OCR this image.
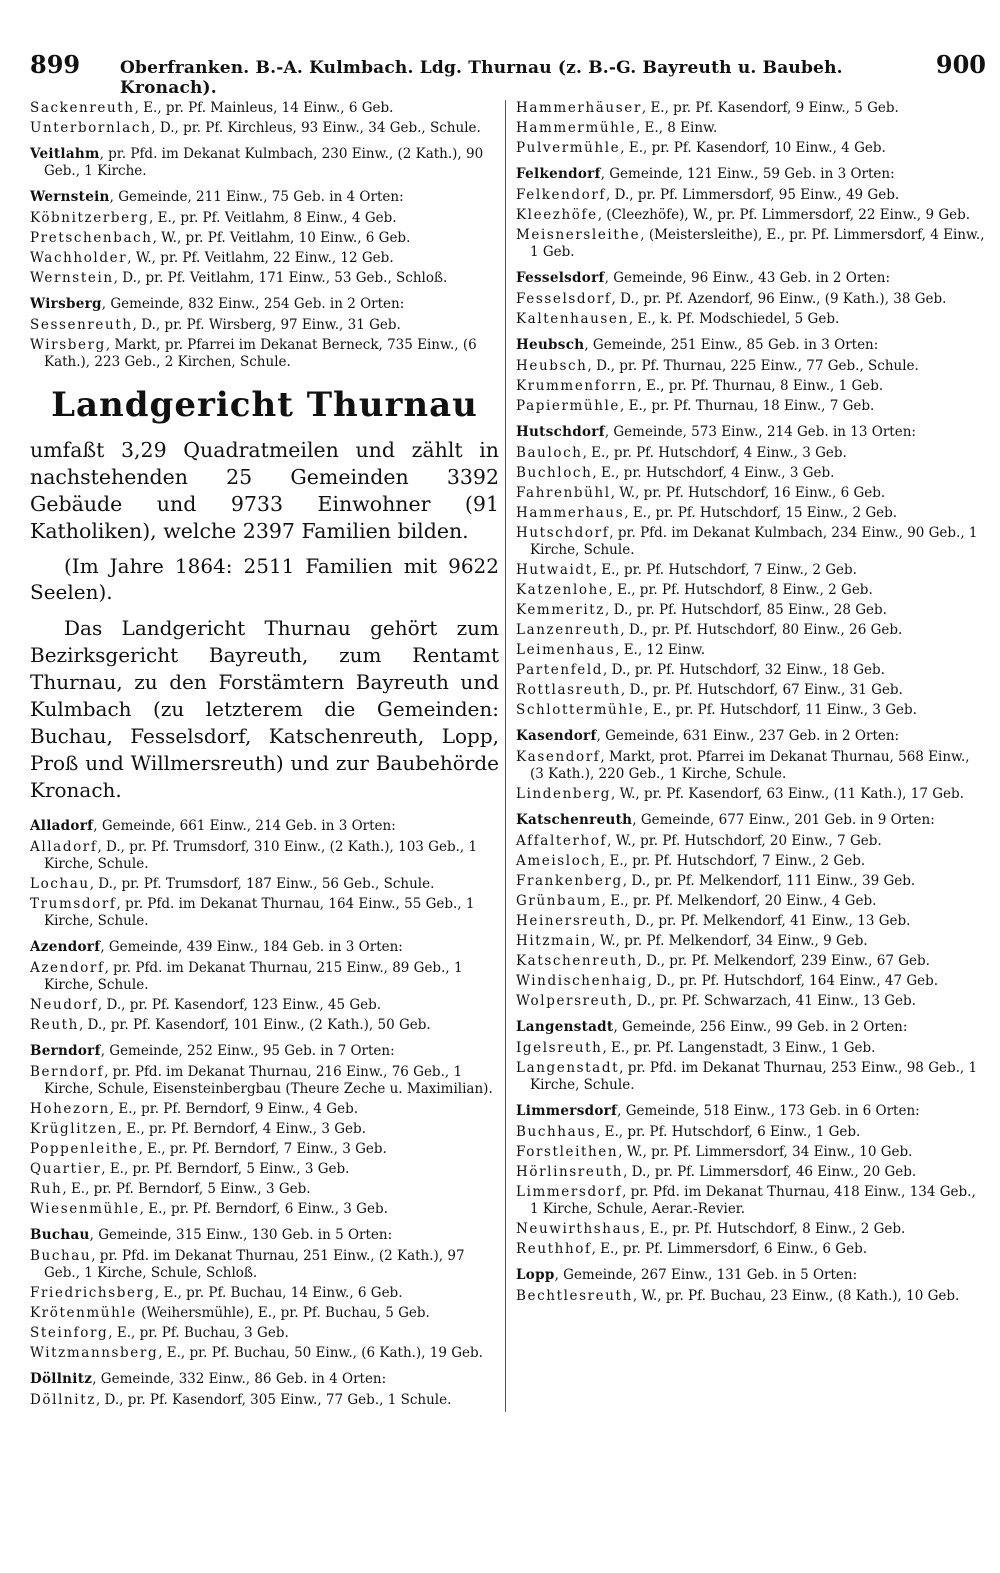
899	Oberfranken. B.-A. Kulmbach. Ldg. Thurnau (z. B.-G. Bayreuth u. Baubeh. Kronach).
900
Sackenreuth, E., pr. Pf. Mainleus, 14 Einw., 6 Geb.
Unterbornlach, D., pr. Pf. Kirchleus, 93 Einw., 34 Geb., Schule.
Veitlahm, pr. Pfd. im Dekanat Kulmbach, 230 Einw., (2 Kath.), 90 Geb., 1 Kirche.
Wernstein, Gemeinde, 211 Einw., 75 Geb. in 4 Orten:
Köbnitzerberg, E., pr. Pf. Veitlahm, 8 Einw., 4 Geb.
Pretschenbach, W., pr. Pf. Veitlahm, 10 Einw., 6 Geb.
Wachholder, W., pr. Pf. Veitlahm, 22 Einw., 12 Geb.
Wernstein, D., pr. Pf. Veitlahm, 171 Einw., 53 Geb., Schloß.
Wirsberg, Gemeinde, 832 Einw., 254 Geb. in 2 Orten:
Sessenreuth, D., pr. Pf. Wirsberg, 97 Einw., 31 Geb.
Wirsberg, Markt, pr. Pfarrei im Dekanat Berneck, 735 Einw., (6 Kath.), 223 Geb., 2 Kirchen, Schule.
Landgericht Thurnau
umfaßt 3,29 Quadratmeilen und zählt in nachstehenden 25 Gemeinden 3392 Gebäude und 9733 Einwohner (91 Katholiken), welche 2397 Familien bilden.
(Im Jahre 1864: 2511 Familien mit 9622 Seelen).
Das Landgericht Thurnau gehört zum Bezirksgericht Bayreuth, zum Rentamt Thurnau, zu den Forstämtern Bayreuth und Kulmbach (zu letzterem die Gemeinden: Buchau, Fesselsdorf, Katschenreuth, Lopp, Proß und Willmersreuth) und zur Baubehörde Kronach.
Alladorf, Gemeinde, 661 Einw., 214 Geb. in 3 Orten:
Alladorf, D., pr. Pf. Trumsdorf, 310 Einw., (2 Kath.), 103 Geb., 1 Kirche, Schule.
Lochau, D., pr. Pf. Trumsdorf, 187 Einw., 56 Geb., Schule.
Trumsdorf, pr. Pfd. im Dekanat Thurnau, 164 Einw., 55 Geb., 1 Kirche, Schule.
Azendorf, Gemeinde, 439 Einw., 184 Geb. in 3 Orten:
Azendorf, pr. Pfd. im Dekanat Thurnau, 215 Einw., 89 Geb., 1 Kirche, Schule.
Neudorf, D., pr. Pf. Kasendorf, 123 Einw., 45 Geb.
Reuth, D., pr. Pf. Kasendorf, 101 Einw., (2 Kath.), 50 Geb.
Berndorf, Gemeinde, 252 Einw., 95 Geb. in 7 Orten:
Berndorf, pr. Pfd. im Dekanat Thurnau, 216 Einw., 76 Geb., 1 Kirche, Schule, Eisensteinbergbau (Theure Zeche u. Maximilian).
Hohezorn, E., pr. Pf. Berndorf, 9 Einw., 4 Geb.
Krüglitzen, E., pr. Pf. Berndorf, 4 Einw., 3 Geb.
Poppenleithe, E., pr. Pf. Berndorf, 7 Einw., 3 Geb.
Quartier, E., pr. Pf. Berndorf, 5 Einw., 3 Geb.
Ruh, E., pr. Pf. Berndorf, 5 Einw., 3 Geb.
Wiesenmühle, E., pr. Pf. Berndorf, 6 Einw., 3 Geb.
Buchau, Gemeinde, 315 Einw., 130 Geb. in 5 Orten:
Buchau, pr. Pfd. im Dekanat Thurnau, 251 Einw., (2 Kath.), 97 Geb., 1 Kirche, Schule, Schloß.
Friedrichsberg, E., pr. Pf. Buchau, 14 Einw., 6 Geb.
Krötenmühle (Weihersmühle), E., pr. Pf. Buchau, 5 Geb.
Steinforg, E., pr. Pf. Buchau, 3 Geb.
Witzmannsberg, E., pr. Pf. Buchau, 50 Einw., (6 Kath.), 19 Geb.
Döllnitz, Gemeinde, 332 Einw., 86 Geb. in 4 Orten:
Döllnitz, D., pr. Pf. Kasendorf, 305 Einw., 77 Geb., 1 Schule.
Hammerhäuser, E., pr. Pf. Kasendorf, 9 Einw., 5 Geb.
Hammermühle, E., 8 Einw.
Pulvermühle, E., pr. Pf. Kasendorf, 10 Einw., 4 Geb.
Felkendorf, Gemeinde, 121 Einw., 59 Geb. in 3 Orten:
Felkendorf, D., pr. Pf. Limmersdorf, 95 Einw., 49 Geb.
Kleezhöfe, (Cleezhöfe), W., pr. Pf. Limmersdorf, 22 Einw., 9 Geb.
Meisnersleithe, (Meistersleithe), E., pr. Pf. Limmersdorf, 4 Einw., 1 Geb.
Fesselsdorf, Gemeinde, 96 Einw., 43 Geb. in 2 Orten:
Fesselsdorf, D., pr. Pf. Azendorf, 96 Einw., (9 Kath.), 38 Geb.
Kaltenhausen, E., k. Pf. Modschiedel, 5 Geb.
Heubsch, Gemeinde, 251 Einw., 85 Geb. in 3 Orten:
Heubsch, D., pr. Pf. Thurnau, 225 Einw., 77 Geb., Schule.
Krummenforrn, E., pr. Pf. Thurnau, 8 Einw., 1 Geb.
Papiermühle, E., pr. Pf. Thurnau, 18 Einw., 7 Geb.
Hutschdorf, Gemeinde, 573 Einw., 214 Geb. in 13 Orten:
Bauloch, E., pr. Pf. Hutschdorf, 4 Einw., 3 Geb.
Buchloch, E., pr. Hutschdorf, 4 Einw., 3 Geb.
Fahrenbühl, W., pr. Pf. Hutschdorf, 16 Einw., 6 Geb.
Hammerhaus, E., pr. Pf. Hutschdorf, 15 Einw., 2 Geb.
Hutschdorf, pr. Pfd. im Dekanat Kulmbach, 234 Einw., 90 Geb., 1 Kirche, Schule.
Hutwaidt, E., pr. Pf. Hutschdorf, 7 Einw., 2 Geb.
Katzenlohe, E., pr. Pf. Hutschdorf, 8 Einw., 2 Geb.
Kemmeritz, D., pr. Pf. Hutschdorf, 85 Einw., 28 Geb.
Lanzenreuth, D., pr. Pf. Hutschdorf, 80 Einw., 26 Geb.
Leimenhaus, E., 12 Einw.
Partenfeld, D., pr. Pf. Hutschdorf, 32 Einw., 18 Geb.
Rottlasreuth, D., pr. Pf. Hutschdorf, 67 Einw., 31 Geb.
Schlottermühle, E., pr. Pf. Hutschdorf, 11 Einw., 3 Geb.
Kasendorf, Gemeinde, 631 Einw., 237 Geb. in 2 Orten:
Kasendorf, Markt, prot. Pfarrei im Dekanat Thurnau, 568 Einw., (3 Kath.), 220 Geb., 1 Kirche, Schule.
Lindenberg, W., pr. Pf. Kasendorf, 63 Einw., (11 Kath.), 17 Geb.
Katschenreuth, Gemeinde, 677 Einw., 201 Geb. in 9 Orten:
Affalterhof, W., pr. Pf. Hutschdorf, 20 Einw., 7 Geb.
Ameisloch, E., pr. Pf. Hutschdorf, 7 Einw., 2 Geb.
Frankenberg, D., pr. Pf. Melkendorf, 111 Einw., 39 Geb.
Grünbaum, E., pr. Pf. Melkendorf, 20 Einw., 4 Geb.
Heinersreuth, D., pr. Pf. Melkendorf, 41 Einw., 13 Geb.
Hitzmain, W., pr. Pf. Melkendorf, 34 Einw., 9 Geb.
Katschenreuth, D., pr. Pf. Melkendorf, 239 Einw., 67 Geb.
Windischenhaig, D., pr. Pf. Hutschdorf, 164 Einw., 47 Geb.
Wolpersreuth, D., pr. Pf. Schwarzach, 41 Einw., 13 Geb.
Langenstadt, Gemeinde, 256 Einw., 99 Geb. in 2 Orten:
Igelsreuth, E., pr. Pf. Langenstadt, 3 Einw., 1 Geb.
Langenstadt, pr. Pfd. im Dekanat Thurnau, 253 Einw., 98 Geb., 1 Kirche, Schule.
Limmersdorf, Gemeinde, 518 Einw., 173 Geb. in 6 Orten:
Buchhaus, E., pr. Pf. Hutschdorf, 6 Einw., 1 Geb.
Forstleithen, W., pr. Pf. Limmersdorf, 34 Einw., 10 Geb.
Hörlinsreuth, D., pr. Pf. Limmersdorf, 46 Einw., 20 Geb.
Limmersdorf, pr. Pfd. im Dekanat Thurnau, 418 Einw., 134 Geb., 1 Kirche, Schule, Aerar.-Revier.
Neuwirthshaus, E., pr. Pf. Hutschdorf, 8 Einw., 2 Geb.
Reuthhof, E., pr. Pf. Limmersdorf, 6 Einw., 6 Geb.
Lopp, Gemeinde, 267 Einw., 131 Geb. in 5 Orten:
Bechtlesreuth, W., pr. Pf. Buchau, 23 Einw., (8 Kath.), 10 Geb.
